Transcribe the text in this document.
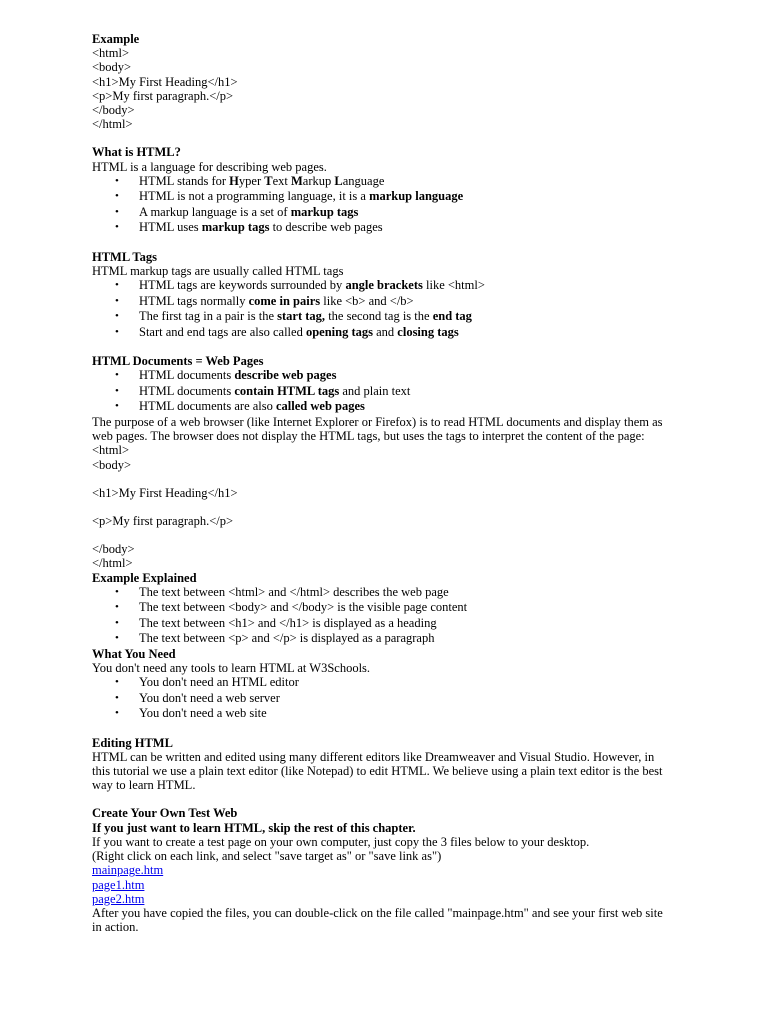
Example
<html>
<body>
<h1>My First Heading</h1>
<p>My first paragraph.</p>
</body>
</html>
What is HTML?
HTML is a language for describing web pages.
• HTML stands for Hyper Text Markup Language
• HTML is not a programming language, it is a markup language
• A markup language is a set of markup tags
• HTML uses markup tags to describe web pages
HTML Tags
HTML markup tags are usually called HTML tags
• HTML tags are keywords surrounded by angle brackets like <html>
• HTML tags normally come in pairs like <b> and </b>
• The first tag in a pair is the start tag, the second tag is the end tag
• Start and end tags are also called opening tags and closing tags
HTML Documents = Web Pages
• HTML documents describe web pages
• HTML documents contain HTML tags and plain text
• HTML documents are also called web pages
The purpose of a web browser (like Internet Explorer or Firefox) is to read HTML documents and display them as web pages. The browser does not display the HTML tags, but uses the tags to interpret the content of the page:
<html>
<body>
<h1>My First Heading</h1>
<p>My first paragraph.</p>
</body>
</html>
Example Explained
• The text between <html> and </html> describes the web page
• The text between <body> and </body> is the visible page content
• The text between <h1> and </h1> is displayed as a heading
• The text between <p> and </p> is displayed as a paragraph
What You Need
You don't need any tools to learn HTML at W3Schools.
• You don't need an HTML editor
• You don't need a web server
• You don't need a web site
Editing HTML
HTML can be written and edited using many different editors like Dreamweaver and Visual Studio. However, in this tutorial we use a plain text editor (like Notepad) to edit HTML. We believe using a plain text editor is the best way to learn HTML.
Create Your Own Test Web
If you just want to learn HTML, skip the rest of this chapter.
If you want to create a test page on your own computer, just copy the 3 files below to your desktop.
(Right click on each link, and select "save target as" or "save link as")
mainpage.htm
page1.htm
page2.htm
After you have copied the files, you can double-click on the file called "mainpage.htm" and see your first web site in action.
